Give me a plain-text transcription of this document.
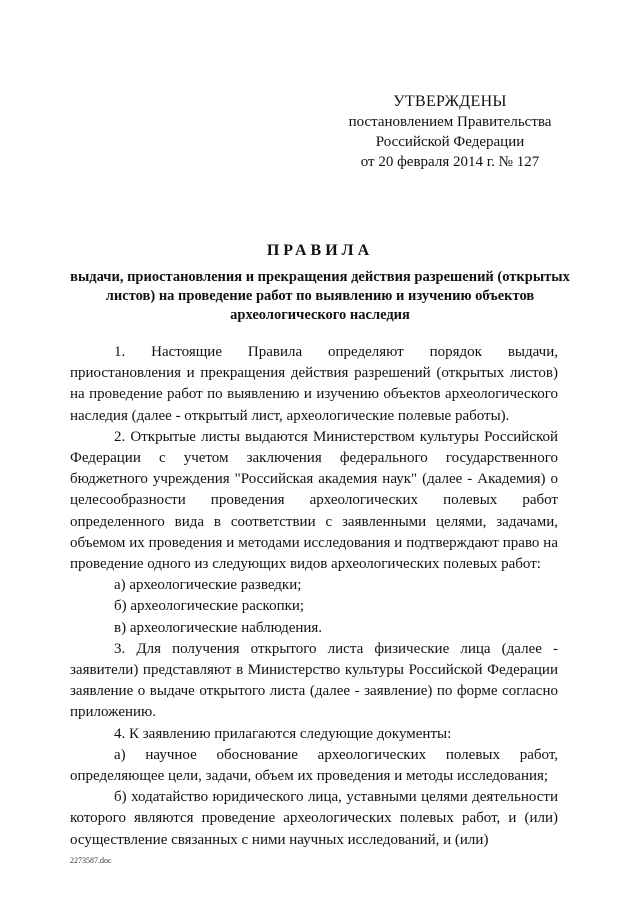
УТВЕРЖДЕНЫ
постановлением Правительства
Российской Федерации
от 20 февраля 2014 г. № 127
ПРАВИЛА
выдачи, приостановления и прекращения действия разрешений (открытых листов) на проведение работ по выявлению и изучению объектов археологического наследия

1. Настоящие Правила определяют порядок выдачи, приостановления и прекращения действия разрешений (открытых листов) на проведение работ по выявлению и изучению объектов археологического наследия (далее - открытый лист, археологические полевые работы).

2. Открытые листы выдаются Министерством культуры Российской Федерации с учетом заключения федерального государственного бюджетного учреждения "Российская академия наук" (далее - Академия) о целесообразности проведения археологических полевых работ определенного вида в соответствии с заявленными целями, задачами, объемом их проведения и методами исследования и подтверждают право на проведение одного из следующих видов археологических полевых работ:

а) археологические разведки;

б) археологические раскопки;

в) археологические наблюдения.

3. Для получения открытого листа физические лица (далее - заявители) представляют в Министерство культуры Российской Федерации заявление о выдаче открытого листа (далее - заявление) по форме согласно приложению.

4. К заявлению прилагаются следующие документы:

а) научное обоснование археологических полевых работ, определяющее цели, задачи, объем их проведения и методы исследования;

б) ходатайство юридического лица, уставными целями деятельности которого являются проведение археологических полевых работ, и (или) осуществление связанных с ними научных исследований, и (или)

2273587.doc
